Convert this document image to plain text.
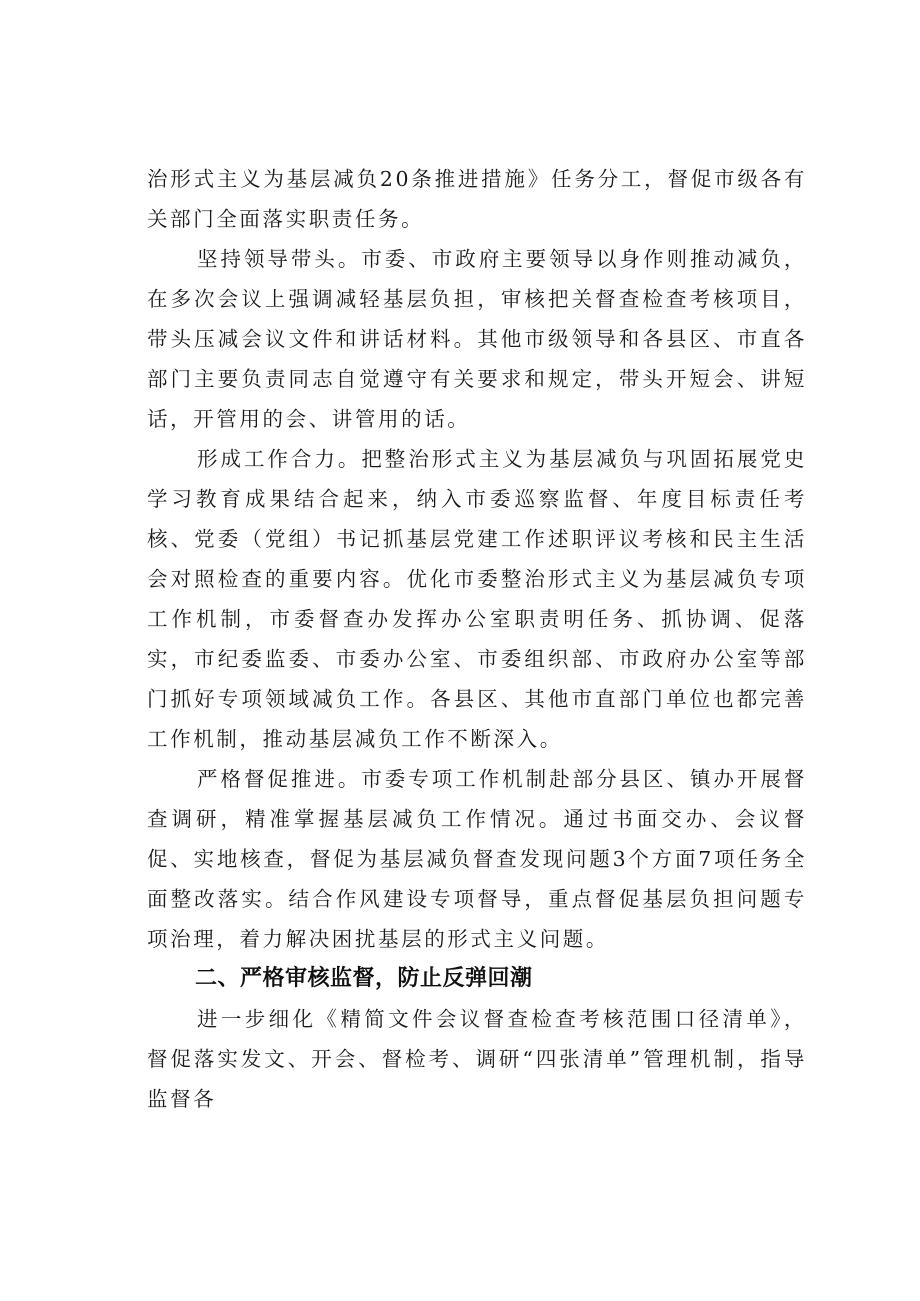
治形式主义为基层减负20条推进措施》任务分工，督促市级各有关部门全面落实职责任务。

坚持领导带头。市委、市政府主要领导以身作则推动减负，在多次会议上强调减轻基层负担，审核把关督查检查考核项目，带头压减会议文件和讲话材料。其他市级领导和各县区、市直各部门主要负责同志自觉遵守有关要求和规定，带头开短会、讲短话，开管用的会、讲管用的话。

形成工作合力。把整治形式主义为基层减负与巩固拓展党史学习教育成果结合起来，纳入市委巡察监督、年度目标责任考核、党委（党组）书记抓基层党建工作述职评议考核和民主生活会对照检查的重要内容。优化市委整治形式主义为基层减负专项工作机制，市委督查办发挥办公室职责明任务、抓协调、促落实，市纪委监委、市委办公室、市委组织部、市政府办公室等部门抓好专项领域减负工作。各县区、其他市直部门单位也都完善工作机制，推动基层减负工作不断深入。

严格督促推进。市委专项工作机制赴部分县区、镇办开展督查调研，精准掌握基层减负工作情况。通过书面交办、会议督促、实地核查，督促为基层减负督查发现问题3个方面7项任务全面整改落实。结合作风建设专项督导，重点督促基层负担问题专项治理，着力解决困扰基层的形式主义问题。

二、严格审核监督，防止反弹回潮

进一步细化《精简文件会议督查检查考核范围口径清单》，督促落实发文、开会、督检考、调研“四张清单”管理机制，指导监督各
